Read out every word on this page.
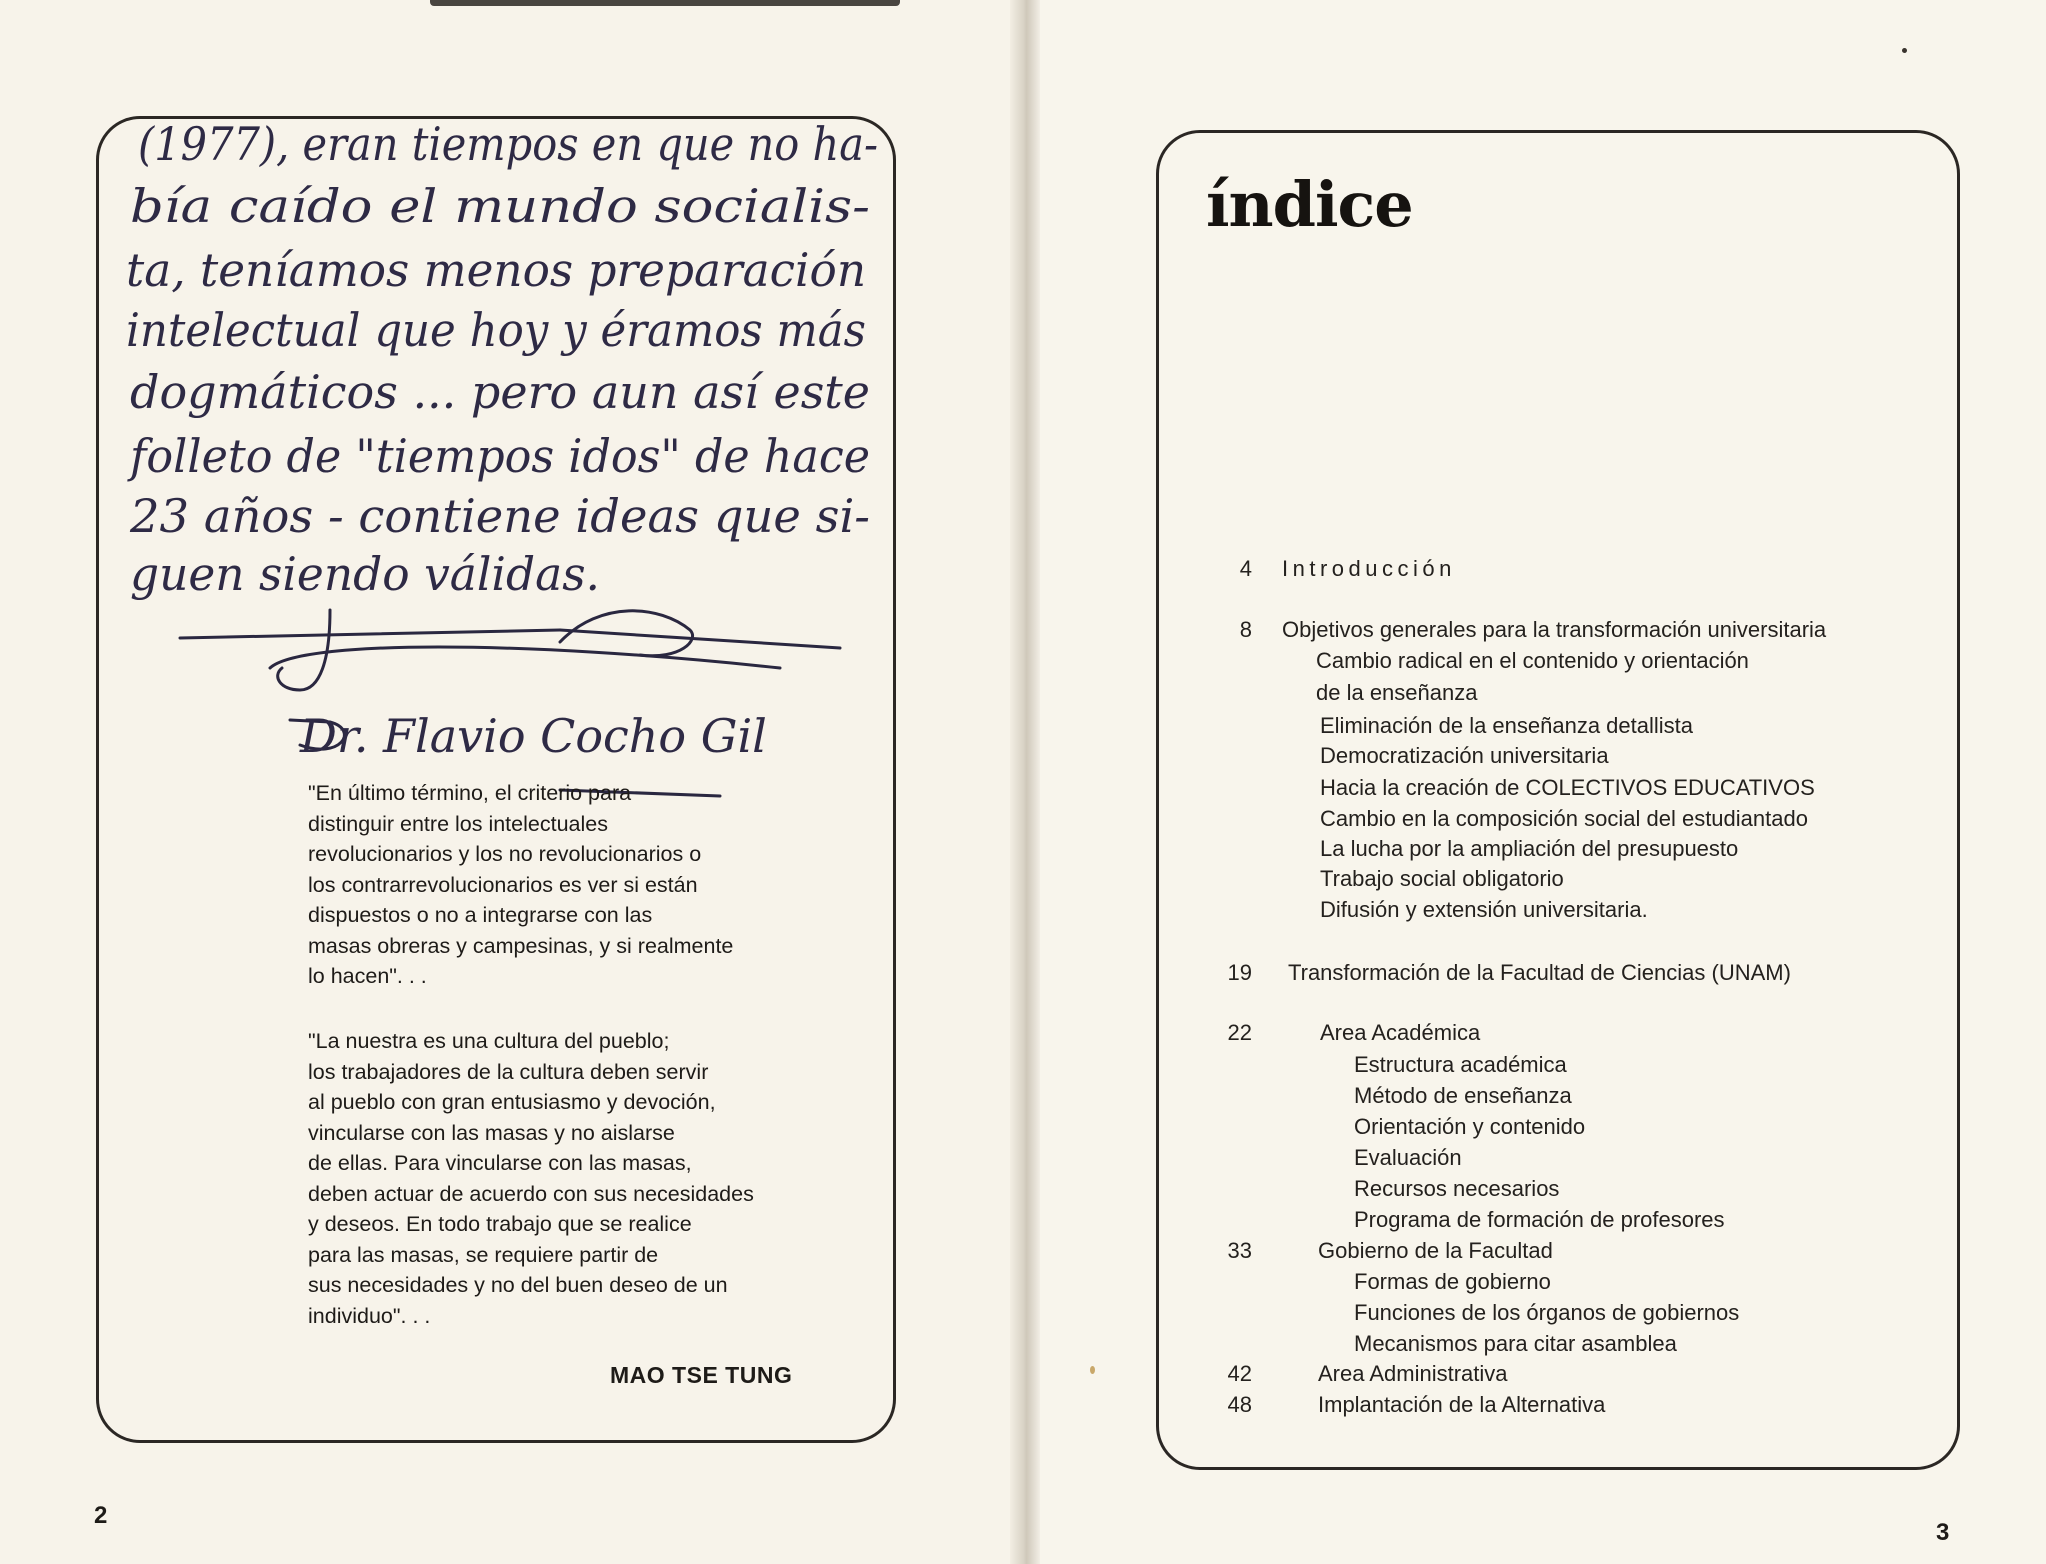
(1977), eran tiempos en que no ha-
bía caído el mundo socialis-
ta, teníamos menos preparación
intelectual que hoy y éramos más
dogmáticos ... pero aun así este
folleto de "tiempos idos" de hace
23 años - contiene ideas que si-
guen siendo válidas.
Dr. Flavio Cocho Gil

"En último término, el criterio para
distinguir entre los intelectuales
revolucionarios y los no revolucionarios o
los contrarrevolucionarios es ver si están
dispuestos o no a integrarse con las
masas obreras y campesinas, y si realmente
lo hacen". . .

"La nuestra es una cultura del pueblo;
los trabajadores de la cultura deben servir
al pueblo con gran entusiasmo y devoción,
vincularse con las masas y no aislarse
de ellas. Para vincularse con las masas,
deben actuar de acuerdo con sus necesidades
y deseos. En todo trabajo que se realice
para las masas, se requiere partir de
sus necesidades y no del buen deseo de un
individuo". . .

MAO TSE TUNG
2
índice
4 Introducción
8 Objetivos generales para la transformación universitaria
Cambio radical en el contenido y orientación
de la enseñanza
Eliminación de la enseñanza detallista
Democratización universitaria
Hacia la creación de COLECTIVOS EDUCATIVOS
Cambio en la composición social del estudiantado
La lucha por la ampliación del presupuesto
Trabajo social obligatorio
Difusión y extensión universitaria.
19 Transformación de la Facultad de Ciencias (UNAM)
22	Area Académica
Estructura académica
Método de enseñanza
Orientación y contenido
Evaluación
Recursos necesarios
Programa de formación de profesores
33	Gobierno de la Facultad
Formas de gobierno
Funciones de los órganos de gobiernos
Mecanismos para citar asamblea
42	Area Administrativa
48	Implantación de la Alternativa
3
